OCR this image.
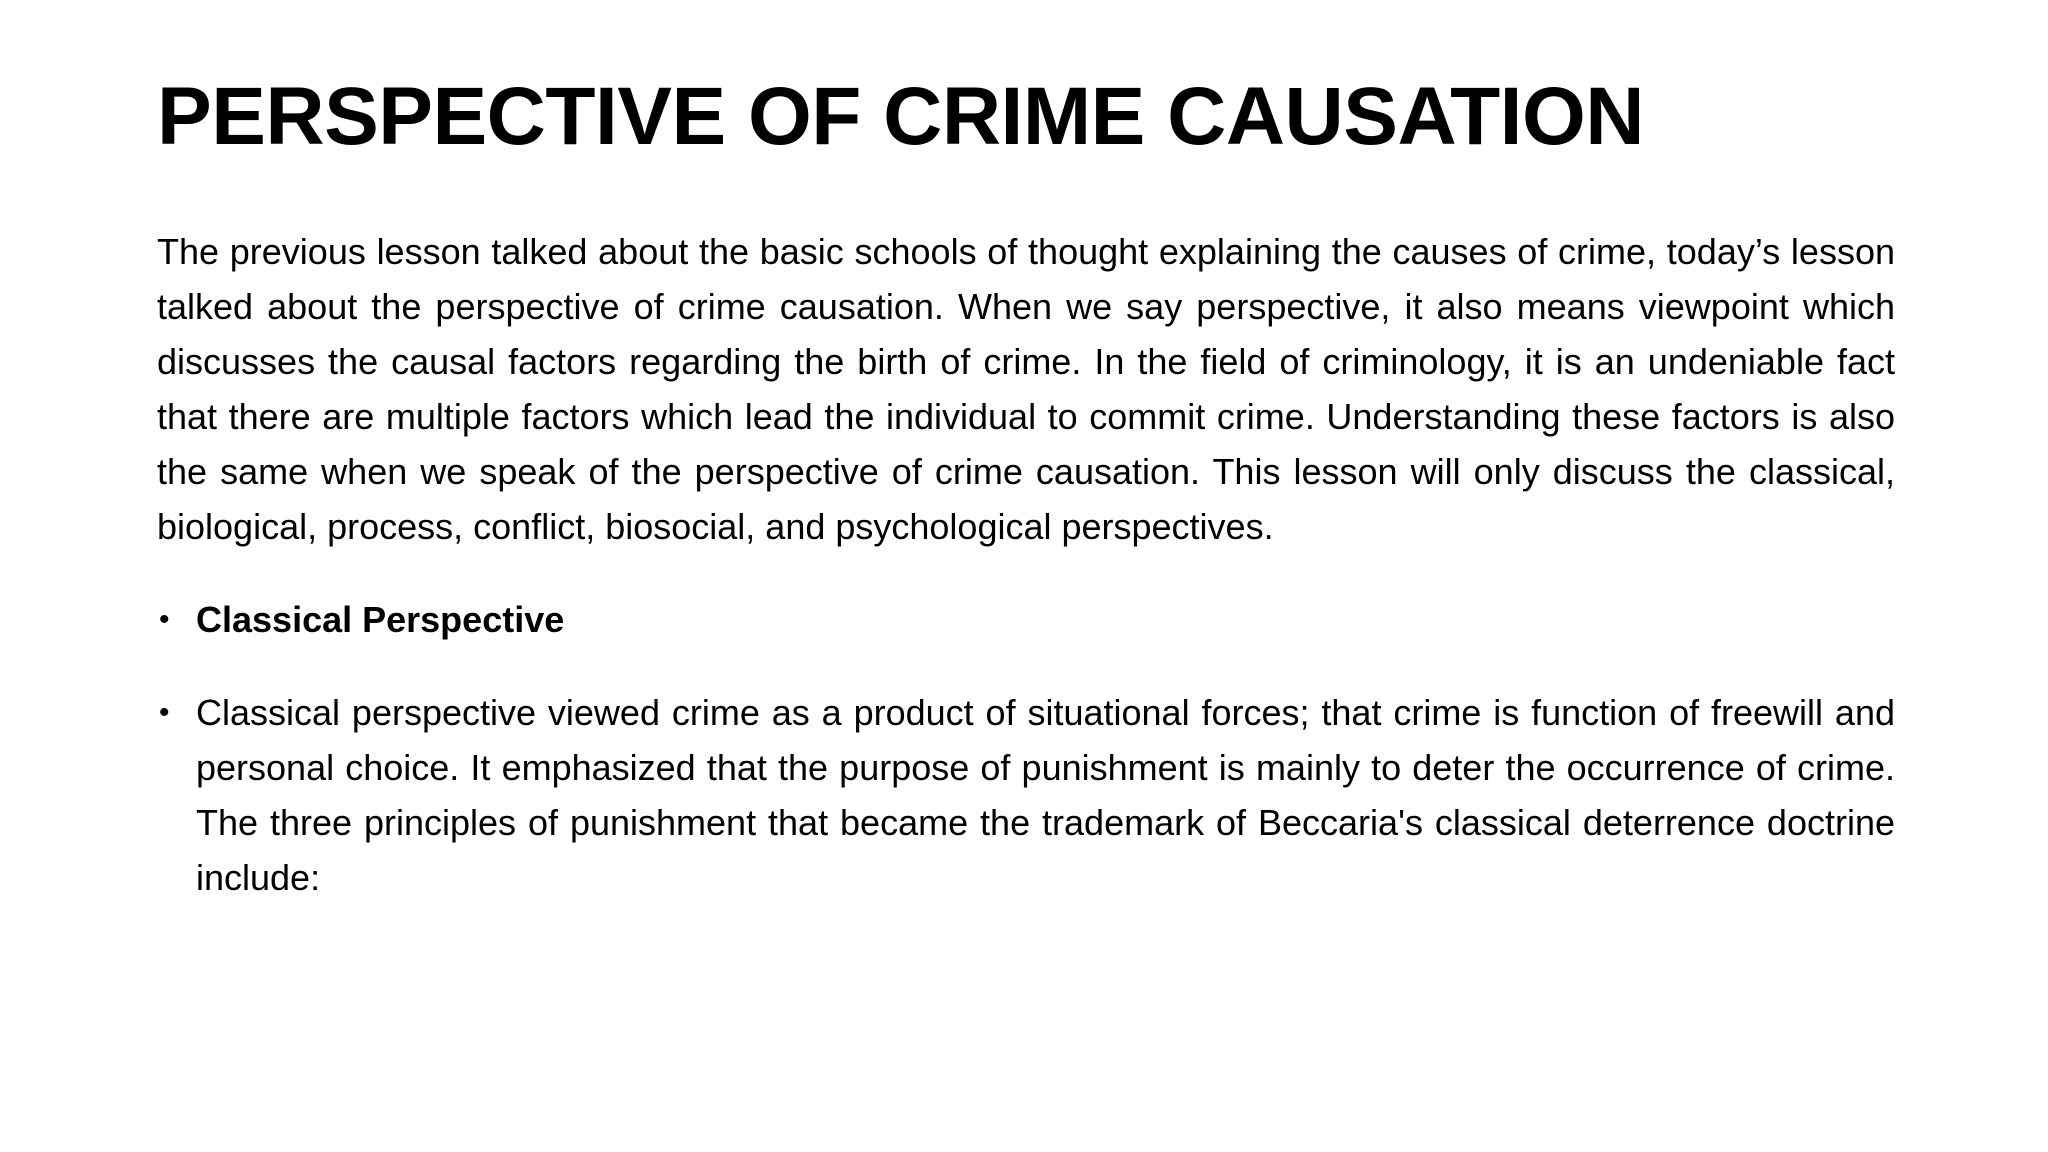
PERSPECTIVE OF CRIME CAUSATION

The previous lesson talked about the basic schools of thought explaining the causes of crime, today’s lesson talked about the perspective of crime causation. When we say perspective, it also means viewpoint which discusses the causal factors regarding the birth of crime. In the field of criminology, it is an undeniable fact that there are multiple factors which lead the individual to commit crime. Understanding these factors is also the same when we speak of the perspective of crime causation. This lesson will only discuss the classical, biological, process, conflict, biosocial, and psychological perspectives.

• Classical Perspective
• Classical perspective viewed crime as a product of situational forces; that crime is function of freewill and personal choice. It emphasized that the purpose of punishment is mainly to deter the occurrence of crime. The three principles of punishment that became the trademark of Beccaria's classical deterrence doctrine include:
